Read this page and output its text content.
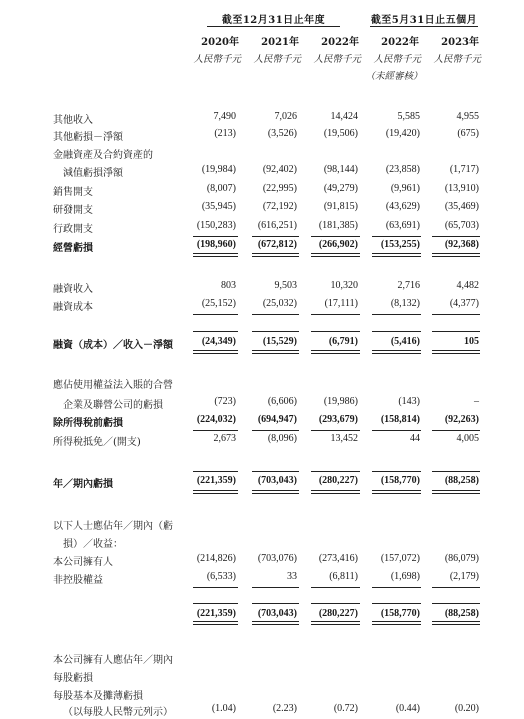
截至12月31日止年度	截至5月31日止五個月
2020年	2021年	2022年	2022年	2023年
人民幣千元	人民幣千元	人民幣千元	人民幣千元	人民幣千元
（未經審核）
其他收入	7,490	7,026	14,424	5,585	4,955
其他虧損－淨額	(213)	(3,526)	(19,506)	(19,420)	(675)
金融資產及合約資產的
減值虧損淨額	(19,984)	(92,402)	(98,144)	(23,858)	(1,717)
銷售開支	(8,007)	(22,995)	(49,279)	(9,961)	(13,910)
研發開支	(35,945)	(72,192)	(91,815)	(43,629)	(35,469)
行政開支	(150,283)	(616,251)	(181,385)	(63,691)	(65,703)
經營虧損	(198,960)	(672,812)	(266,902)	(153,255)	(92,368)
融資收入	803	9,503	10,320	2,716	4,482
融資成本	(25,152)	(25,032)	(17,111)	(8,132)	(4,377)
融資（成本）／收入－淨額	(24,349)	(15,529)	(6,791)	(5,416)	105
應佔使用權益法入賬的合營
企業及聯營公司的虧損	(723)	(6,606)	(19,986)	(143)	–
除所得稅前虧損	(224,032)	(694,947)	(293,679)	(158,814)	(92,263)
所得稅抵免／(開支)	2,673	(8,096)	13,452	44	4,005
年／期內虧損	(221,359)	(703,043)	(280,227)	(158,770)	(88,258)
以下人士應佔年／期內（虧
損）／收益：
本公司擁有人	(214,826)	(703,076)	(273,416)	(157,072)	(86,079)
非控股權益	(6,533)	33	(6,811)	(1,698)	(2,179)
(221,359)	(703,043)	(280,227)	(158,770)	(88,258)
本公司擁有人應佔年／期內
每股虧損
每股基本及攤薄虧損
（以每股人民幣元列示）	(1.04)	(2.23)	(0.72)	(0.44)	(0.20)
